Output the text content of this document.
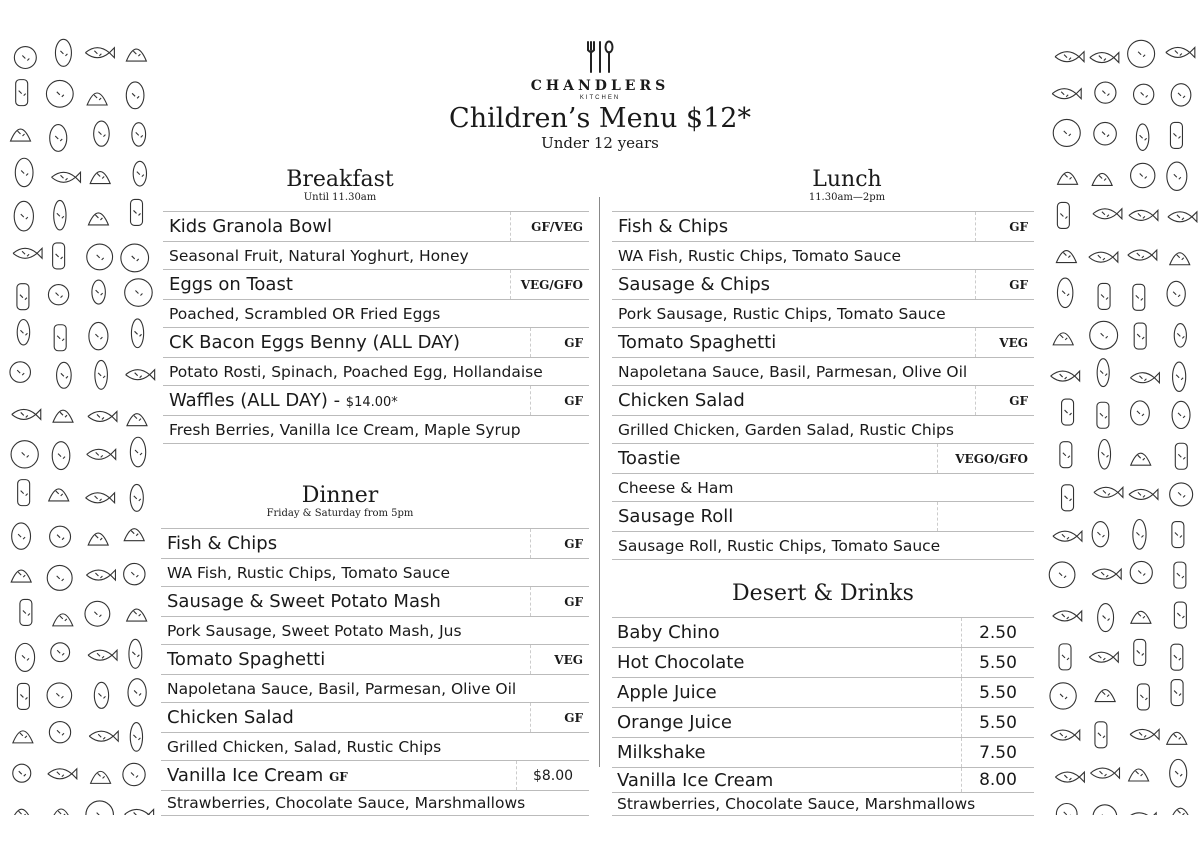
CHANDLERS
KITCHEN
Children’s Menu $12*
Under 12 years
Breakfast
Until 11.30am
Kids Granola Bowl	GF/VEG
Seasonal Fruit, Natural Yoghurt, Honey
Eggs on Toast	VEG/GFO
Poached, Scrambled OR Fried Eggs
CK Bacon Eggs Benny (ALL DAY)	GF
Potato Rosti, Spinach, Poached Egg, Hollandaise
Waffles (ALL DAY) - $14.00*	GF
Fresh Berries, Vanilla Ice Cream, Maple Syrup
Dinner
Friday & Saturday from 5pm
Fish & Chips	GF
WA Fish, Rustic Chips, Tomato Sauce
Sausage & Sweet Potato Mash	GF
Pork Sausage, Sweet Potato Mash, Jus
Tomato Spaghetti	VEG
Napoletana Sauce, Basil, Parmesan, Olive Oil
Chicken Salad	GF
Grilled Chicken, Salad, Rustic Chips
Vanilla Ice Cream GF	$8.00
Strawberries, Chocolate Sauce, Marshmallows
Lunch
11.30am—2pm
Fish & Chips	GF
WA Fish, Rustic Chips, Tomato Sauce
Sausage & Chips	GF
Pork Sausage, Rustic Chips, Tomato Sauce
Tomato Spaghetti	VEG
Napoletana Sauce, Basil, Parmesan, Olive Oil
Chicken Salad	GF
Grilled Chicken, Garden Salad, Rustic Chips
Toastie	VEGO/GFO
Cheese & Ham
Sausage Roll
Sausage Roll, Rustic Chips, Tomato Sauce
Desert & Drinks
Baby Chino	2.50
Hot Chocolate	5.50
Apple Juice	5.50
Orange Juice	5.50
Milkshake	7.50
Vanilla Ice Cream	8.00
Strawberries, Chocolate Sauce, Marshmallows
